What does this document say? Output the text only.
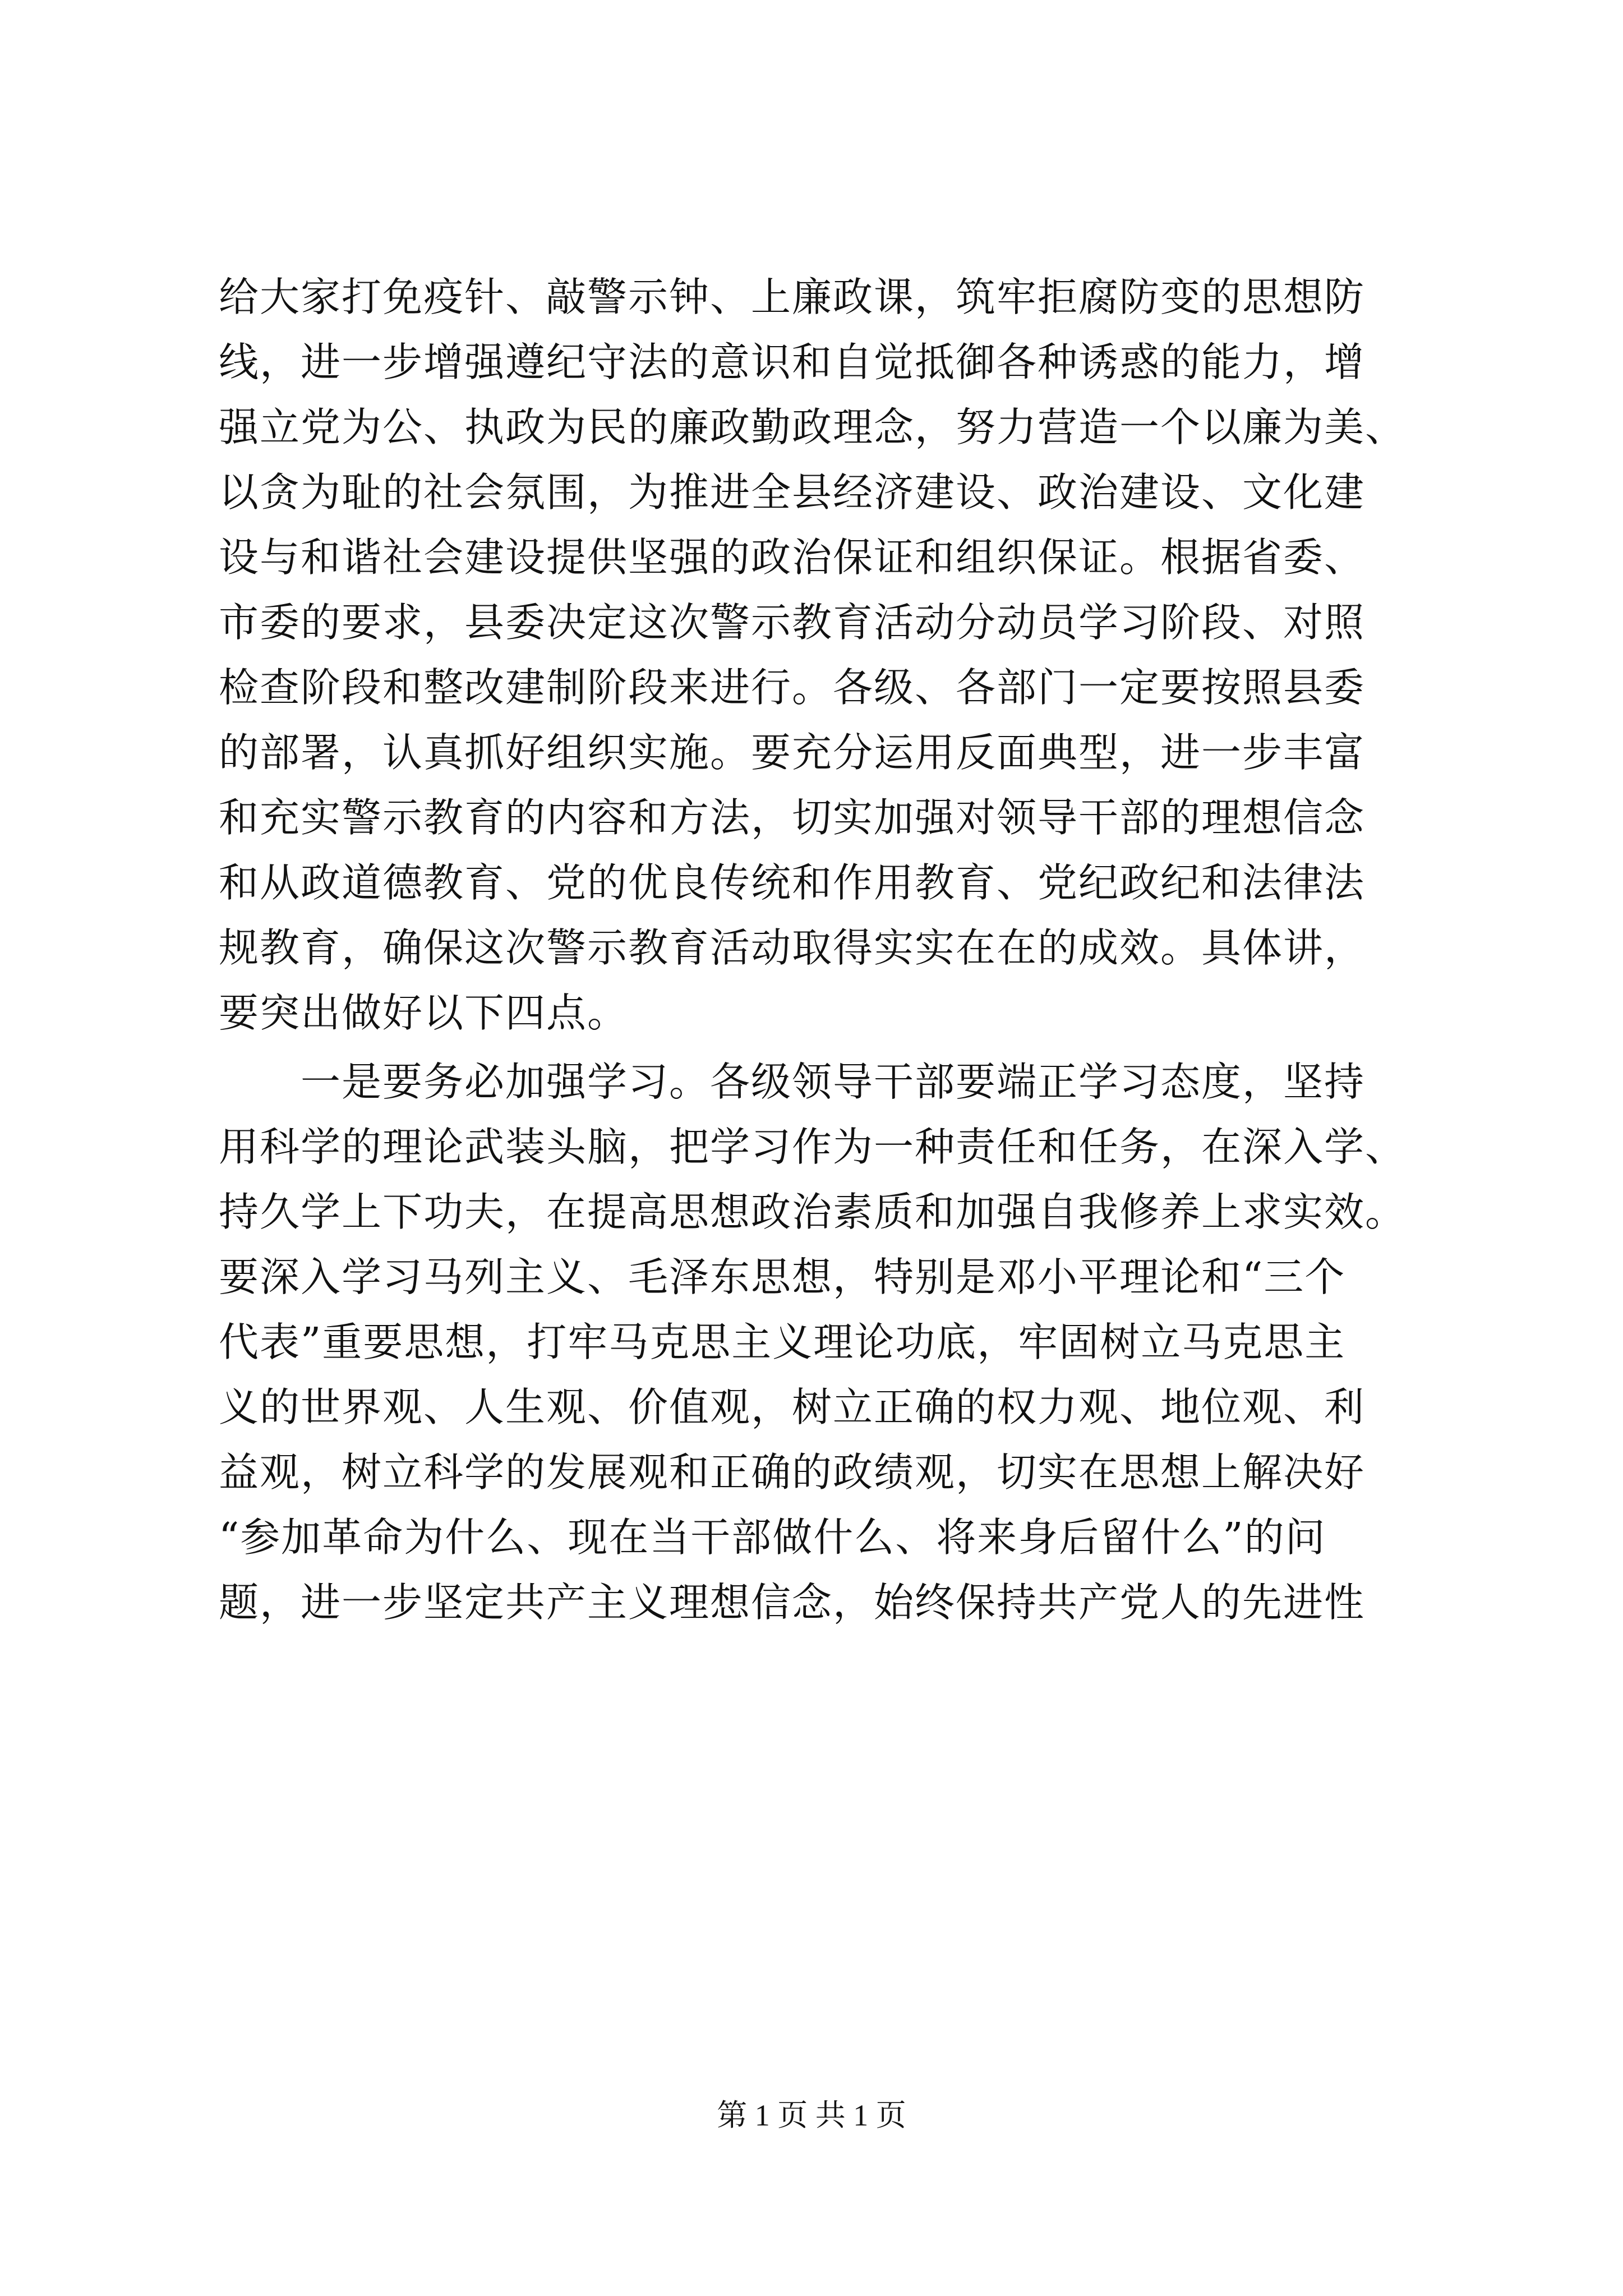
给大家打免疫针、敲警示钟、上廉政课，筑牢拒腐防变的思想防
线，进一步增强遵纪守法的意识和自觉抵御各种诱惑的能力，增
强立党为公、执政为民的廉政勤政理念，努力营造一个以廉为美、
以贪为耻的社会氛围，为推进全县经济建设、政治建设、文化建
设与和谐社会建设提供坚强的政治保证和组织保证。根据省委、
市委的要求，县委决定这次警示教育活动分动员学习阶段、对照
检查阶段和整改建制阶段来进行。各级、各部门一定要按照县委
的部署，认真抓好组织实施。要充分运用反面典型，进一步丰富
和充实警示教育的内容和方法，切实加强对领导干部的理想信念
和从政道德教育、党的优良传统和作用教育、党纪政纪和法律法
规教育，确保这次警示教育活动取得实实在在的成效。具体讲，
要突出做好以下四点。
一是要务必加强学习。各级领导干部要端正学习态度，坚持
用科学的理论武装头脑，把学习作为一种责任和任务，在深入学、
持久学上下功夫，在提高思想政治素质和加强自我修养上求实效。
要深入学习马列主义、毛泽东思想，特别是邓小平理论和“三个
代表”重要思想，打牢马克思主义理论功底，牢固树立马克思主
义的世界观、人生观、价值观，树立正确的权力观、地位观、利
益观，树立科学的发展观和正确的政绩观，切实在思想上解决好
“参加革命为什么、现在当干部做什么、将来身后留什么”的问
题，进一步坚定共产主义理想信念，始终保持共产党人的先进性
第 1 页 共 1 页
